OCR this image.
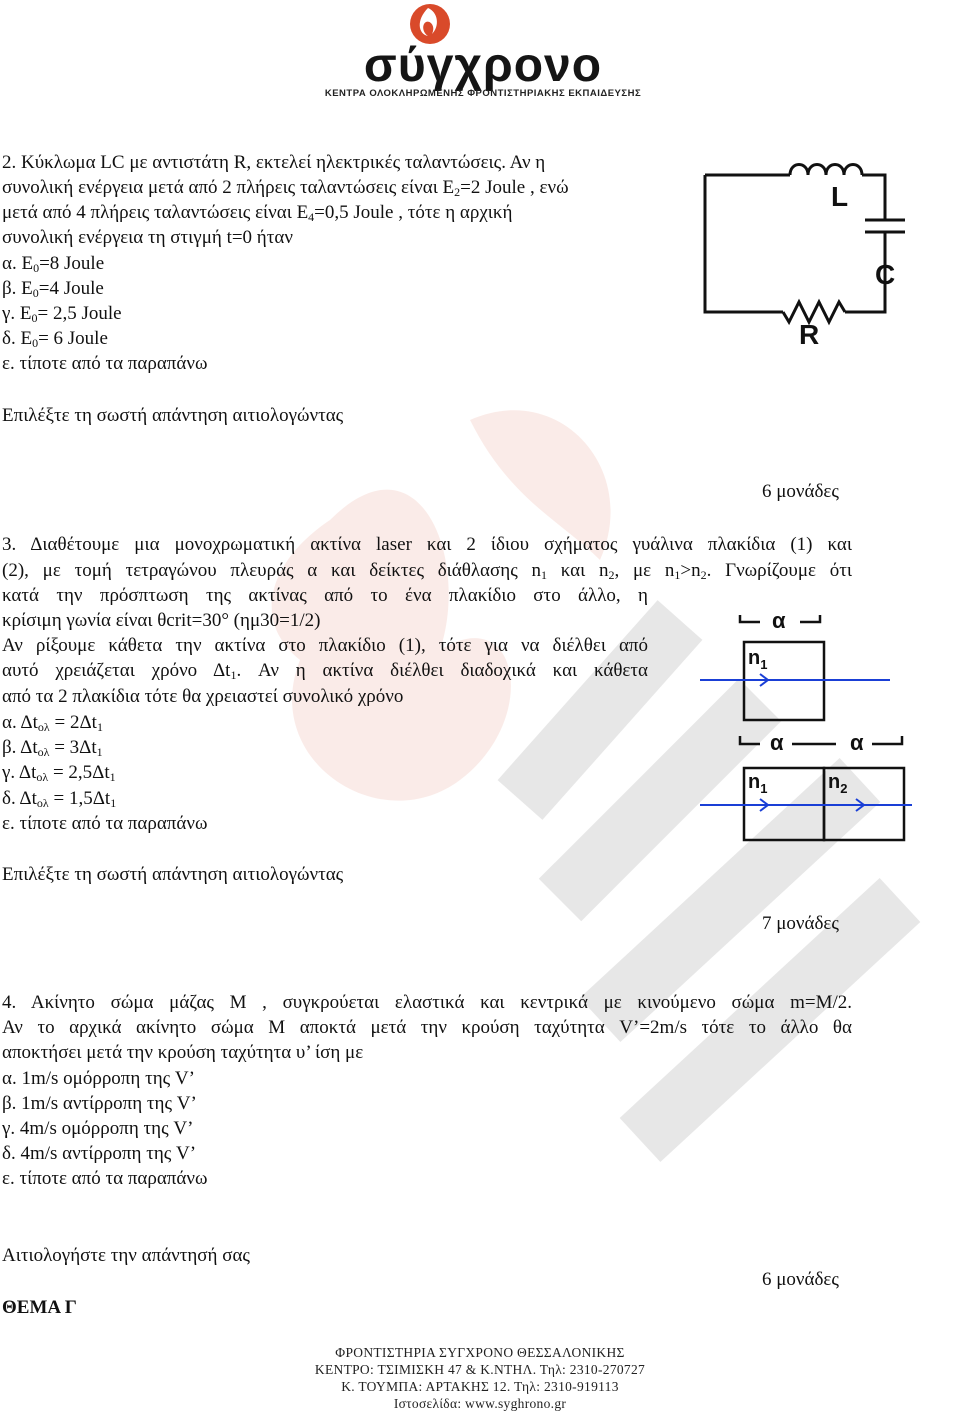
σύγχρονο
ΚΕΝΤΡΑ ΟΛΟΚΛΗΡΩΜΕΝΗΣ ΦΡΟΝΤΙΣΤΗΡΙΑΚΗΣ ΕΚΠΑΙΔΕΥΣΗΣ
2. Κύκλωμα LC με αντιστάτη R, εκτελεί ηλεκτρικές ταλαντώσεις. Αν η
συνολική ενέργεια μετά από 2 πλήρεις ταλαντώσεις είναι $E_2=2$ Joule , ενώ
μετά από 4 πλήρεις ταλαντώσεις είναι $E_4=0,5$ Joule , τότε η αρχική
συνολική ενέργεια τη στιγμή t=0 ήταν
α. $E_0=8$ Joule
β. $E_0=4$ Joule
γ. $E_0= 2,5$ Joule
δ. $E_0= 6$ Joule
ε. τίποτε από τα παραπάνω
Επιλέξτε τη σωστή απάντηση αιτιολογώντας
6 μονάδες
L
C
R
3. Διαθέτουμε μια μονοχρωματική ακτίνα laser και 2 ίδιου σχήματος γυάλινα πλακίδια (1) και
(2), με τομή τετραγώνου πλευράς α και δείκτες διάθλασης $n_1$ και $n_2$, με $n_1>n_2$. Γνωρίζουμε ότι
κατά την πρόσπτωση της ακτίνας από το ένα πλακίδιο στο άλλο, η
κρίσιμη γωνία είναι θcrit=30° (ημ30=1/2)
Αν ρίξουμε κάθετα την ακτίνα στο πλακίδιο (1), τότε για να διέλθει από
αυτό χρειάζεται χρόνο $\Delta t_1$. Αν η ακτίνα διέλθει διαδοχικά και κάθετα
από τα 2 πλακίδια τότε θα χρειαστεί συνολικό χρόνο
α. $\Delta t_{o\lambda} = 2\Delta t_1$
β. $\Delta t_{o\lambda} = 3\Delta t_1$
γ. $\Delta t_{o\lambda} = 2,5\Delta t_1$
δ. $\Delta t_{o\lambda} = 1,5\Delta t_1$
ε. τίποτε από τα παραπάνω
Επιλέξτε τη σωστή απάντηση αιτιολογώντας
7 μονάδες
α
α	α
$n_1$
$n_1$	$n_2$
4. Ακίνητο σώμα μάζας Μ , συγκρούεται ελαστικά και κεντρικά με κινούμενο σώμα m=M/2.
Αν το αρχικά ακίνητο σώμα Μ αποκτά μετά την κρούση ταχύτητα V’=2m/s τότε το άλλο θα
αποκτήσει μετά την κρούση ταχύτητα υ’ ίση με
α. 1m/s ομόρροπη της V’
β. 1m/s αντίρροπη της V’
γ. 4m/s ομόρροπη της V’
δ. 4m/s αντίρροπη της V’
ε. τίποτε από τα παραπάνω
Αιτιολογήστε την απάντησή σας
6 μονάδες
ΘΕΜΑ Γ
ΦΡΟΝΤΙΣΤΗΡΙΑ ΣΥΓΧΡΟΝΟ ΘΕΣΣΑΛΟΝΙΚΗΣ
ΚΕΝΤΡΟ: ΤΣΙΜΙΣΚΗ 47 & Κ.ΝΤΗΛ. Τηλ: 2310-270727
Κ. ΤΟΥΜΠΑ: ΑΡΤΑΚΗΣ 12. Τηλ: 2310-919113
Ιστοσελίδα: www.syghrono.gr
